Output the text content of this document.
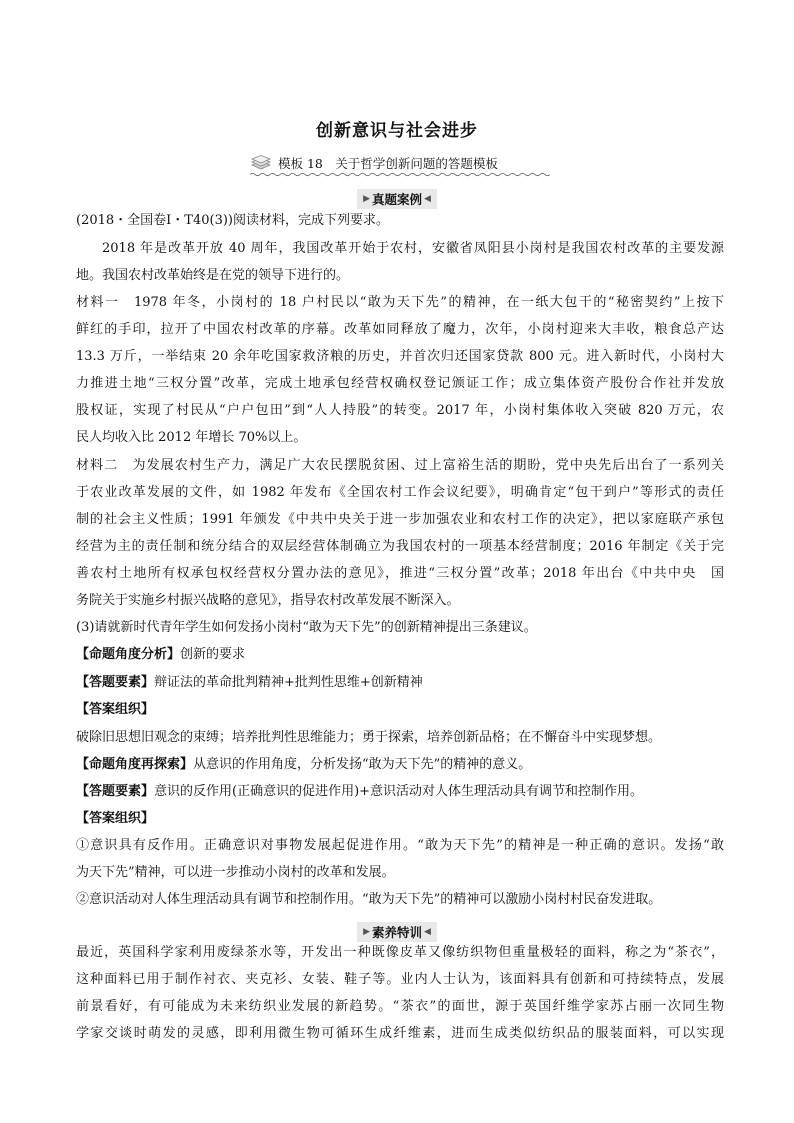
创新意识与社会进步
模板 18　关于哲学创新问题的答题模板
▶ 真题案例 ◀
(2018・全国卷Ⅰ・T40(3))阅读材料，完成下列要求。
2018 年是改革开放 40 周年，我国改革开始于农村，安徽省凤阳县小岗村是我国农村改革的主要发源
地。我国农村改革始终是在党的领导下进行的。
材料一　1978 年冬，小岗村的 18 户村民以“敢为天下先”的精神，在一纸大包干的“秘密契约”上按下
鲜红的手印，拉开了中国农村改革的序幕。改革如同释放了魔力，次年，小岗村迎来大丰收，粮食总产达
13.3 万斤，一举结束 20 余年吃国家救济粮的历史，并首次归还国家贷款 800 元。进入新时代，小岗村大
力推进土地“三权分置”改革，完成土地承包经营权确权登记颁证工作；成立集体资产股份合作社并发放
股权证，实现了村民从“户户包田”到“人人持股”的转变。2017 年，小岗村集体收入突破 820 万元，农
民人均收入比 2012 年增长 70%以上。
材料二　为发展农村生产力，满足广大农民摆脱贫困、过上富裕生活的期盼，党中央先后出台了一系列关
于农业改革发展的文件，如 1982 年发布《全国农村工作会议纪要》，明确肯定“包干到户”等形式的责任
制的社会主义性质；1991 年颁发《中共中央关于进一步加强农业和农村工作的决定》，把以家庭联产承包
经营为主的责任制和统分结合的双层经营体制确立为我国农村的一项基本经营制度；2016 年制定《关于完
善农村土地所有权承包权经营权分置办法的意见》，推进“三权分置”改革；2018 年出台《中共中央　国
务院关于实施乡村振兴战略的意见》，指导农村改革发展不断深入。
(3)请就新时代青年学生如何发扬小岗村“敢为天下先”的创新精神提出三条建议。
【命题角度分析】创新的要求
【答题要素】辩证法的革命批判精神+批判性思维+创新精神
【答案组织】
破除旧思想旧观念的束缚；培养批判性思维能力；勇于探索，培养创新品格；在不懈奋斗中实现梦想。
【命题角度再探索】从意识的作用角度，分析发扬“敢为天下先”的精神的意义。
【答题要素】意识的反作用(正确意识的促进作用)+意识活动对人体生理活动具有调节和控制作用。
【答案组织】
①意识具有反作用。正确意识对事物发展起促进作用。“敢为天下先”的精神是一种正确的意识。发扬“敢
为天下先”精神，可以进一步推动小岗村的改革和发展。
②意识活动对人体生理活动具有调节和控制作用。“敢为天下先”的精神可以激励小岗村村民奋发进取。
▶ 素养特训 ◀
最近，英国科学家利用废绿茶水等，开发出一种既像皮革又像纺织物但重量极轻的面料，称之为“茶衣”，
这种面料已用于制作衬衣、夹克衫、女装、鞋子等。业内人士认为，该面料具有创新和可持续特点，发展
前景看好，有可能成为未来纺织业发展的新趋势。“茶衣”的面世，源于英国纤维学家苏占丽一次同生物
学家交谈时萌发的灵感，即利用微生物可循环生成纤维素，进而生成类似纺织品的服装面料，可以实现
